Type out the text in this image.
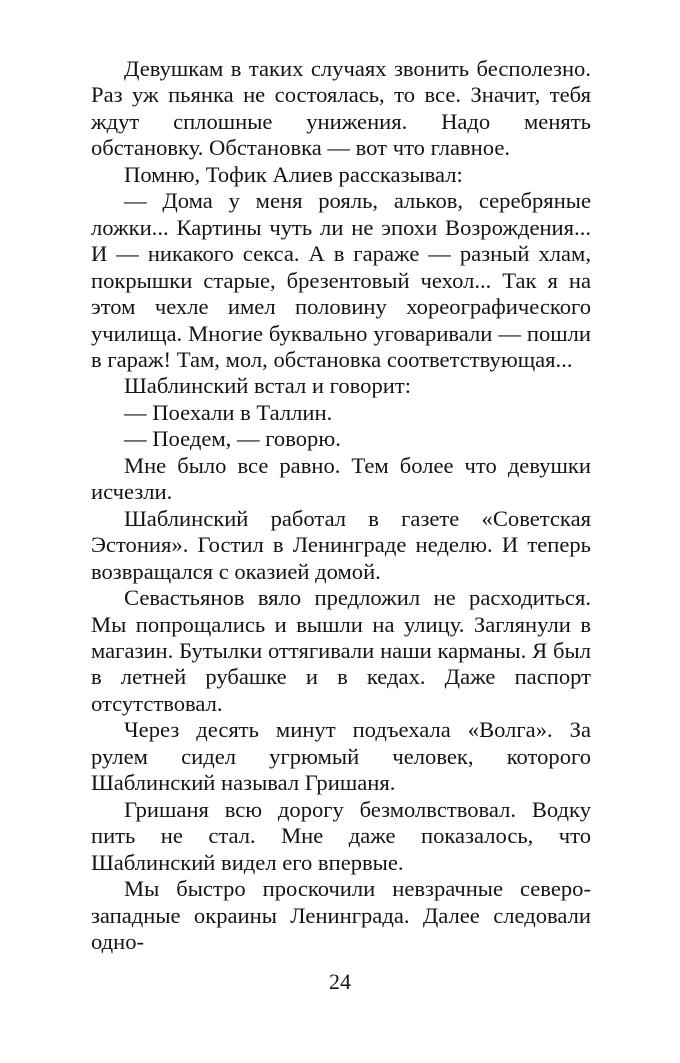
Девушкам в таких случаях звонить бесполезно. Раз уж пьянка не состоялась, то все. Значит, тебя ждут сплошные унижения. Надо менять обстановку. Обстановка — вот что главное.

Помню, Тофик Алиев рассказывал:

— Дома у меня рояль, альков, серебряные ложки... Картины чуть ли не эпохи Возрождения... И — никакого секса. А в гараже — разный хлам, покрышки старые, брезентовый чехол... Так я на этом чехле имел половину хореографического училища. Многие буквально уговаривали — пошли в гараж! Там, мол, обстановка соответствующая...

Шаблинский встал и говорит:

— Поехали в Таллин.

— Поедем, — говорю.

Мне было все равно. Тем более что девушки исчезли.

Шаблинский работал в газете «Советская Эстония». Гостил в Ленинграде неделю. И теперь возвращался с оказией домой.

Севастьянов вяло предложил не расходиться. Мы попрощались и вышли на улицу. Заглянули в магазин. Бутылки оттягивали наши карманы. Я был в летней рубашке и в кедах. Даже паспорт отсутствовал.

Через десять минут подъехала «Волга». За рулем сидел угрюмый человек, которого Шаблинский называл Гришаня.

Гришаня всю дорогу безмолвствовал. Водку пить не стал. Мне даже показалось, что Шаблинский видел его впервые.

Мы быстро проскочили невзрачные северо-западные окраины Ленинграда. Далее следовали одно-

24
